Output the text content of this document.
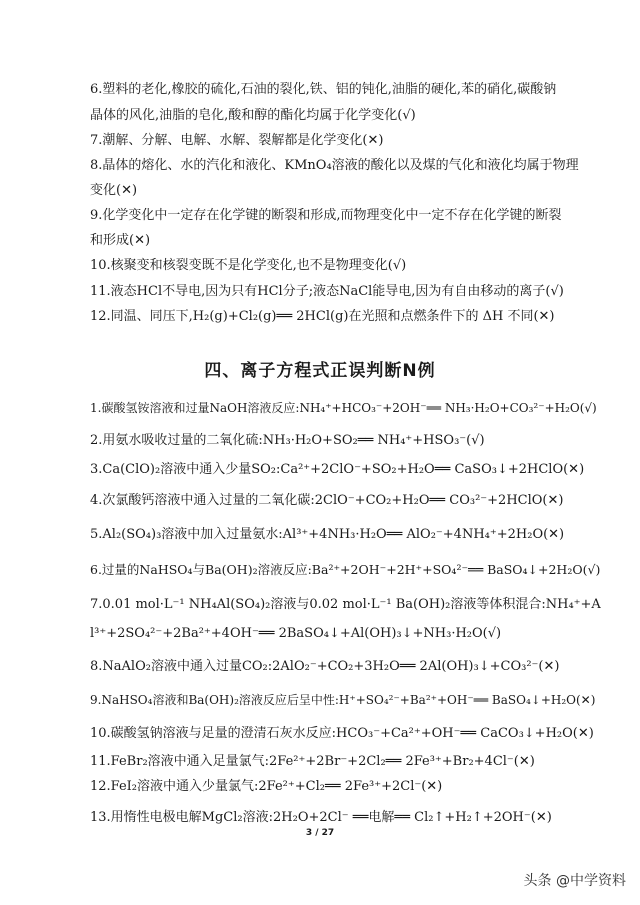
6.塑料的老化,橡胶的硫化,石油的裂化,铁、铝的钝化,油脂的硬化,苯的硝化,碳酸钠
晶体的风化,油脂的皂化,酸和醇的酯化均属于化学变化(√)
7.潮解、分解、电解、水解、裂解都是化学变化(✕)
8.晶体的熔化、水的汽化和液化、KMnO₄溶液的酸化以及煤的气化和液化均属于物理
变化(✕)
9.化学变化中一定存在化学键的断裂和形成,而物理变化中一定不存在化学键的断裂
和形成(✕)
10.核聚变和核裂变既不是化学变化,也不是物理变化(√)
11.液态HCl不导电,因为只有HCl分子;液态NaCl能导电,因为有自由移动的离子(√)
12.同温、同压下,H₂(g)+Cl₂(g)══ 2HCl(g)在光照和点燃条件下的 ΔH 不同(✕)
四、离子方程式正误判断N例
1.碳酸氢铵溶液和过量NaOH溶液反应:NH₄⁺+HCO₃⁻+2OH⁻══ NH₃·H₂O+CO₃²⁻+H₂O(√)
2.用氨水吸收过量的二氧化硫:NH₃·H₂O+SO₂══ NH₄⁺+HSO₃⁻(√)
3.Ca(ClO)₂溶液中通入少量SO₂:Ca²⁺+2ClO⁻+SO₂+H₂O══ CaSO₃↓+2HClO(✕)
4.次氯酸钙溶液中通入过量的二氧化碳:2ClO⁻+CO₂+H₂O══ CO₃²⁻+2HClO(✕)
5.Al₂(SO₄)₃溶液中加入过量氨水:Al³⁺+4NH₃·H₂O══ AlO₂⁻+4NH₄⁺+2H₂O(✕)
6.过量的NaHSO₄与Ba(OH)₂溶液反应:Ba²⁺+2OH⁻+2H⁺+SO₄²⁻══ BaSO₄↓+2H₂O(√)
7.0.01 mol·L⁻¹ NH₄Al(SO₄)₂溶液与0.02 mol·L⁻¹ Ba(OH)₂溶液等体积混合:NH₄⁺+A
l³⁺+2SO₄²⁻+2Ba²⁺+4OH⁻══ 2BaSO₄↓+Al(OH)₃↓+NH₃·H₂O(√)
8.NaAlO₂溶液中通入过量CO₂:2AlO₂⁻+CO₂+3H₂O══ 2Al(OH)₃↓+CO₃²⁻(✕)
9.NaHSO₄溶液和Ba(OH)₂溶液反应后呈中性:H⁺+SO₄²⁻+Ba²⁺+OH⁻══ BaSO₄↓+H₂O(✕)
10.碳酸氢钠溶液与足量的澄清石灰水反应:HCO₃⁻+Ca²⁺+OH⁻══ CaCO₃↓+H₂O(✕)
11.FeBr₂溶液中通入足量氯气:2Fe²⁺+2Br⁻+2Cl₂══ 2Fe³⁺+Br₂+4Cl⁻(✕)
12.FeI₂溶液中通入少量氯气:2Fe²⁺+Cl₂══ 2Fe³⁺+2Cl⁻(✕)
13.用惰性电极电解MgCl₂溶液:2H₂O+2Cl⁻ ══电解══ Cl₂↑+H₂↑+2OH⁻(✕)
3 / 27
头条 @中学资料
